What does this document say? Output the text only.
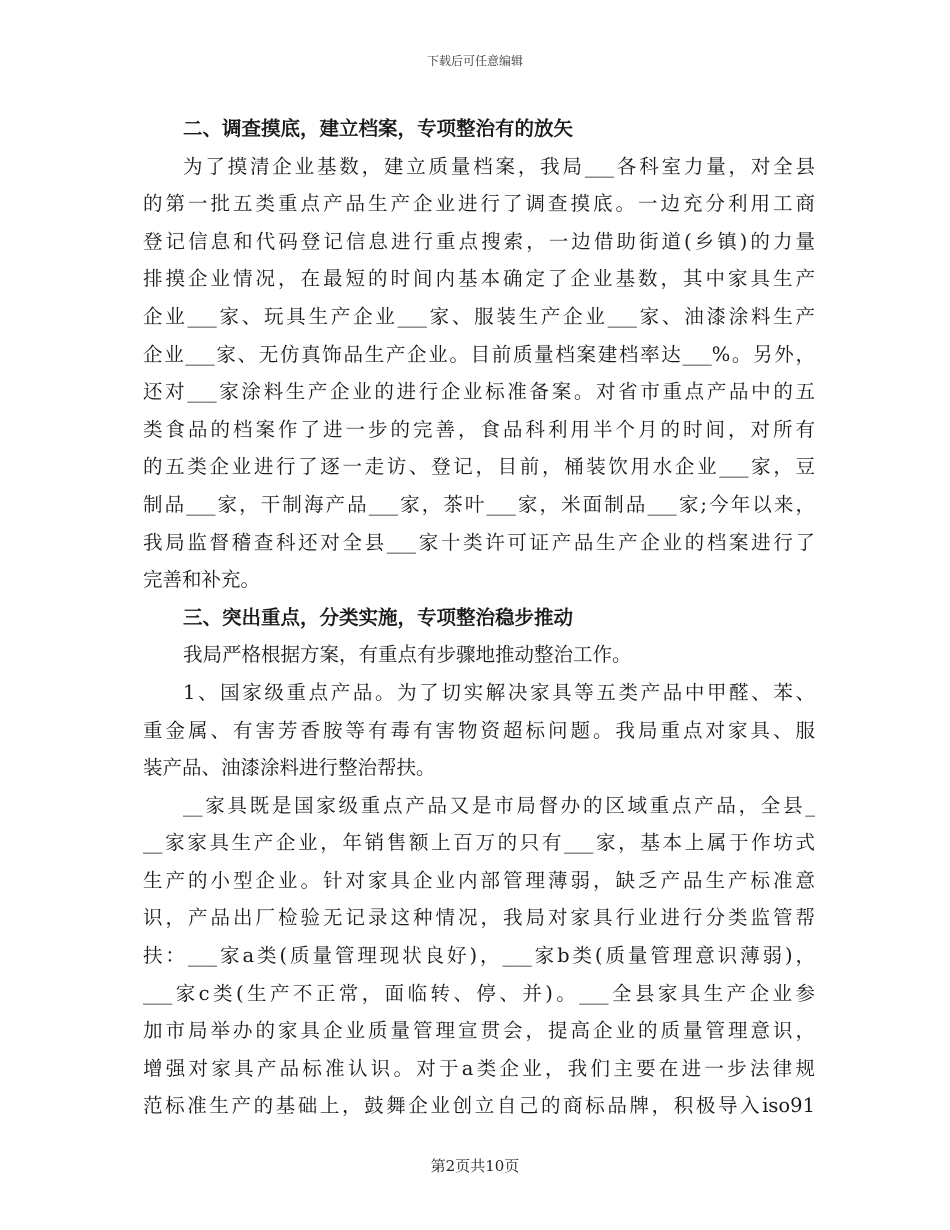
下载后可任意编辑
二、调查摸底，建立档案，专项整治有的放矢
为了摸清企业基数，建立质量档案，我局___各科室力量，对全县
的第一批五类重点产品生产企业进行了调查摸底。一边充分利用工商
登记信息和代码登记信息进行重点搜索，一边借助街道(乡镇)的力量
排摸企业情况，在最短的时间内基本确定了企业基数，其中家具生产
企业___家、玩具生产企业___家、服装生产企业___家、油漆涂料生产
企业___家、无仿真饰品生产企业。目前质量档案建档率达___%。另外，
还对___家涂料生产企业的进行企业标准备案。对省市重点产品中的五
类食品的档案作了进一步的完善，食品科利用半个月的时间，对所有
的五类企业进行了逐一走访、登记，目前，桶装饮用水企业___家，豆
制品___家，干制海产品___家，茶叶___家，米面制品___家;今年以来，
我局监督稽查科还对全县___家十类许可证产品生产企业的档案进行了
完善和补充。
三、突出重点，分类实施，专项整治稳步推动
我局严格根据方案，有重点有步骤地推动整治工作。
1、国家级重点产品。为了切实解决家具等五类产品中甲醛、苯、
重金属、有害芳香胺等有毒有害物资超标问题。我局重点对家具、服
装产品、油漆涂料进行整治帮扶。
__家具既是国家级重点产品又是市局督办的区域重点产品，全县_
__家家具生产企业，年销售额上百万的只有___家，基本上属于作坊式
生产的小型企业。针对家具企业内部管理薄弱，缺乏产品生产标准意
识，产品出厂检验无记录这种情况，我局对家具行业进行分类监管帮
扶：___家a类(质量管理现状良好)，___家b类(质量管理意识薄弱)，
___家c类(生产不正常，面临转、停、并)。___全县家具生产企业参
加市局举办的家具企业质量管理宣贯会，提高企业的质量管理意识，
增强对家具产品标准认识。对于a类企业，我们主要在进一步法律规
范标准生产的基础上，鼓舞企业创立自己的商标品牌，积极导入iso91
第2页共10页
